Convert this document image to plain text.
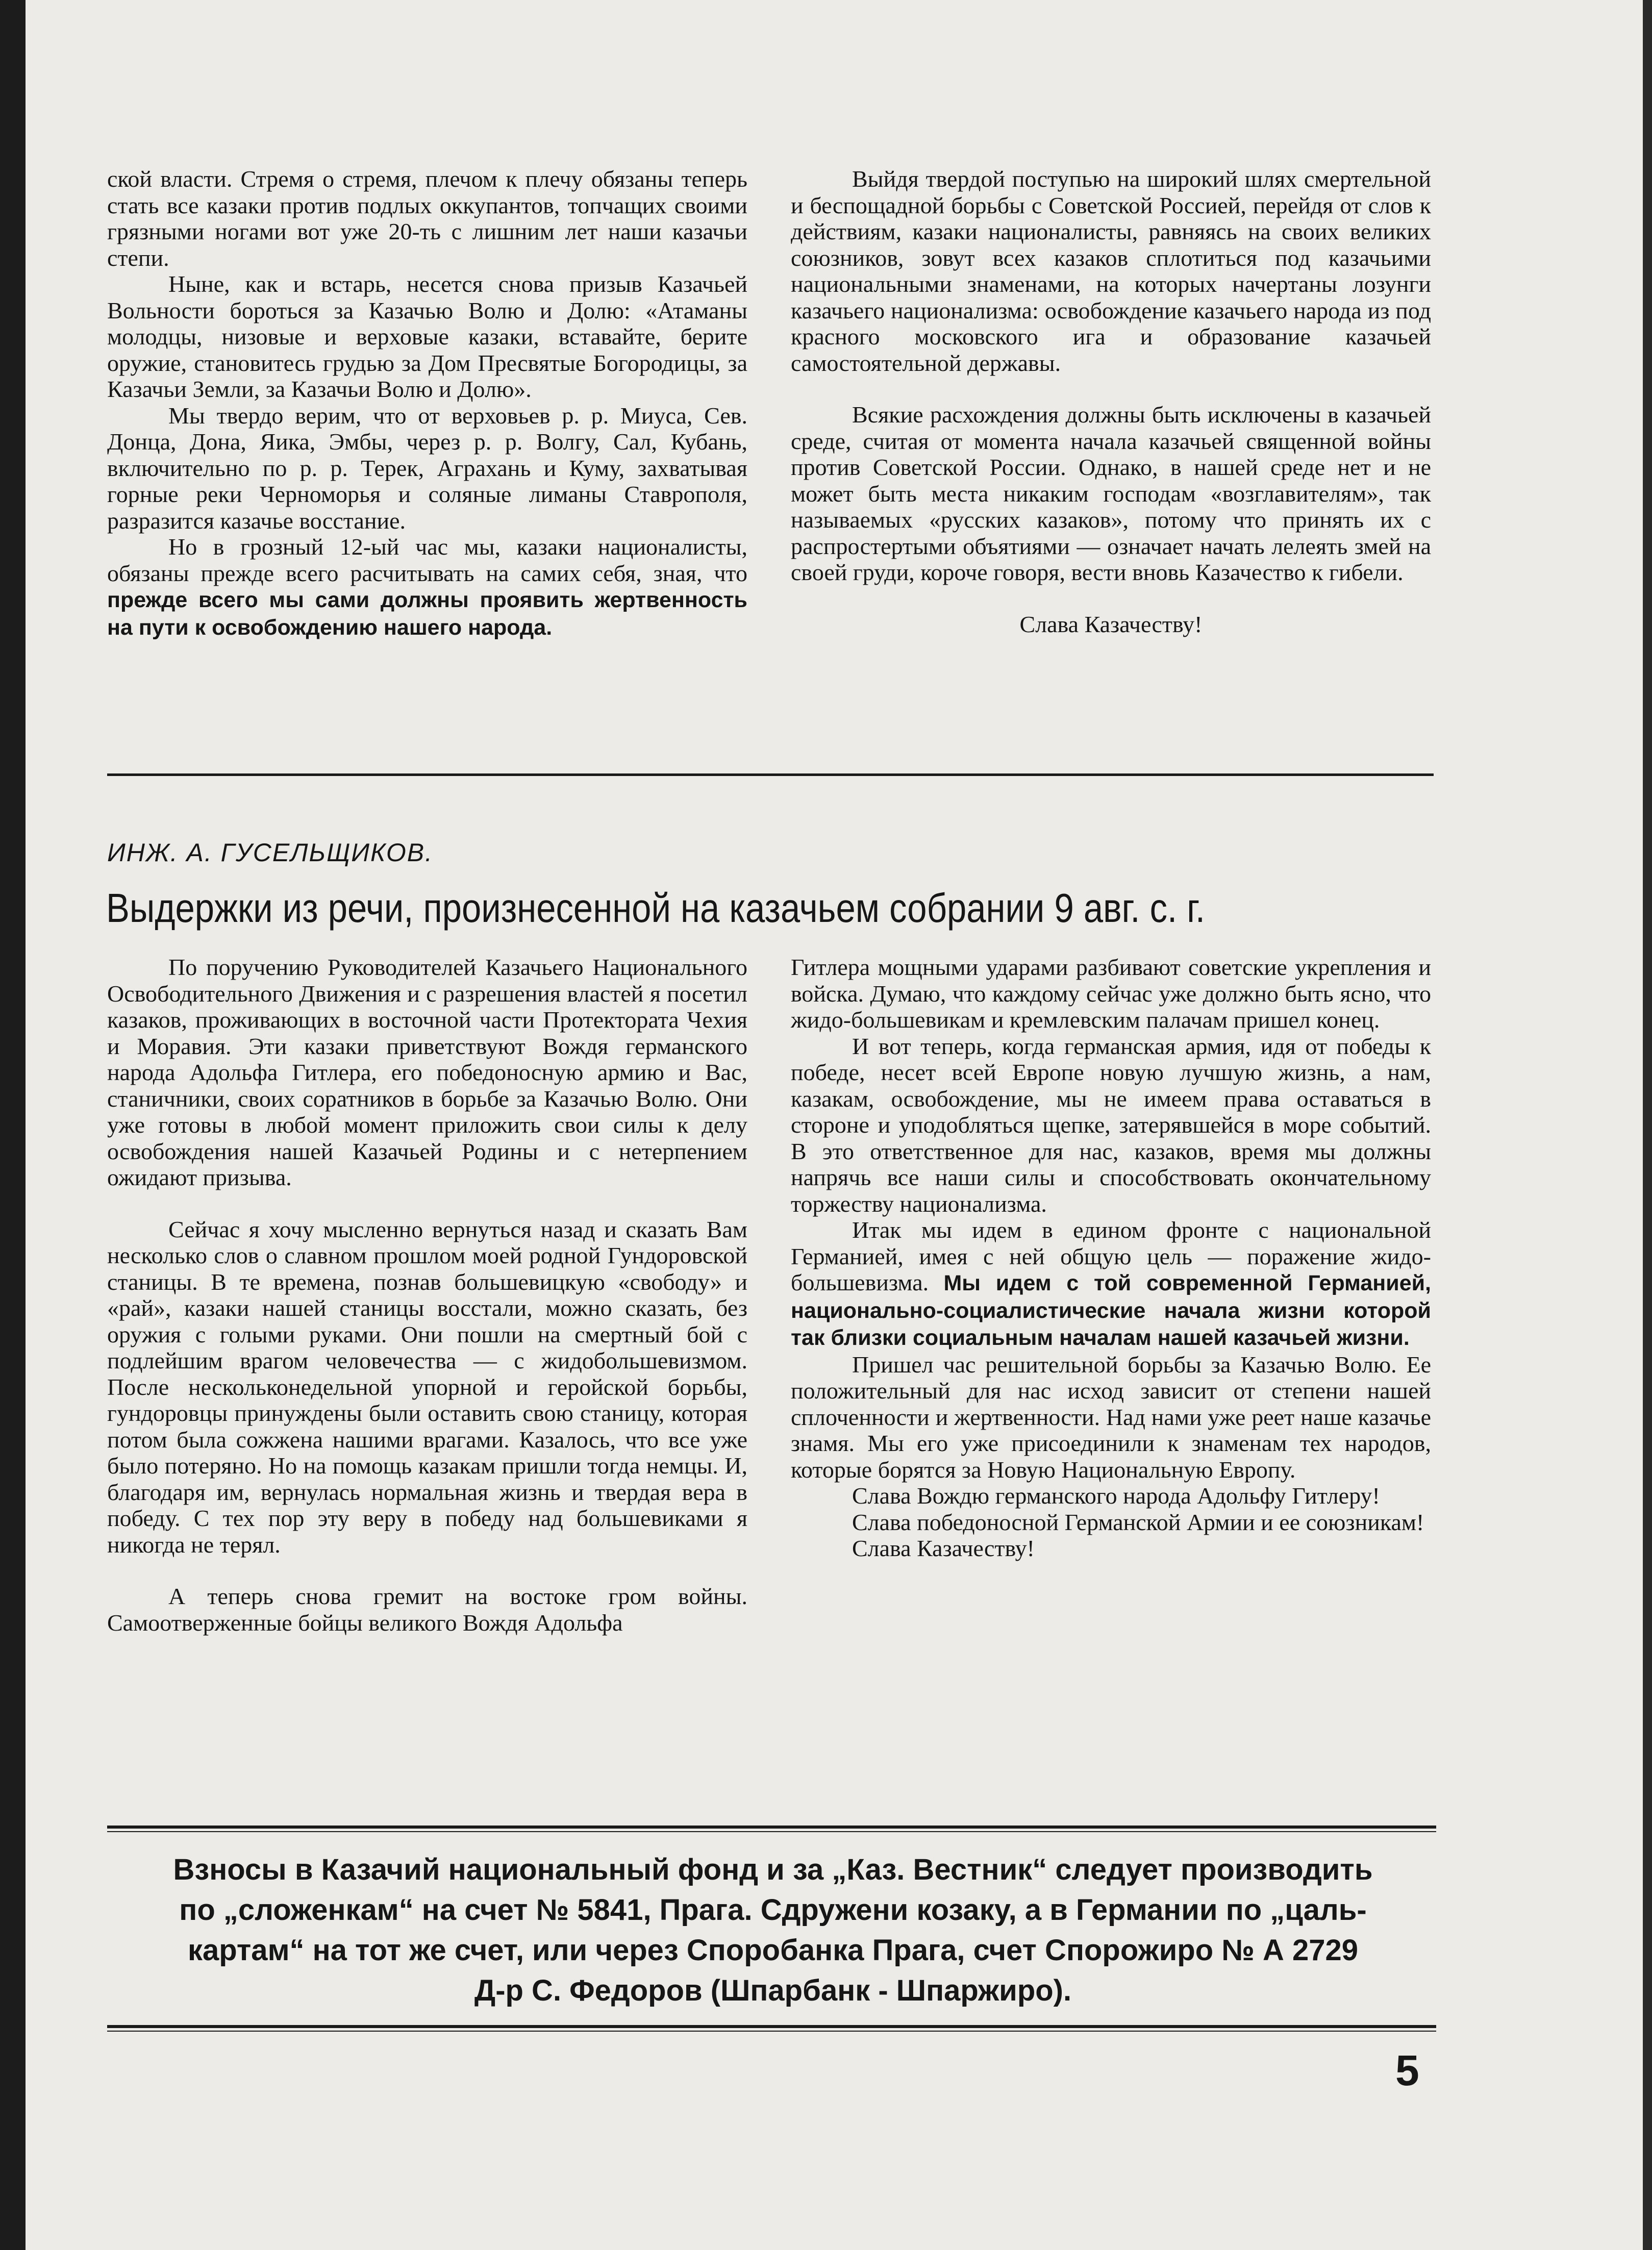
ской власти. Стремя о стремя, плечом к плечу обязаны теперь стать все казаки против подлых оккупантов, топчащих своими грязными ногами вот уже 20-ть с лишним лет наши казачьи степи.

Ныне, как и встарь, несется снова призыв Казачьей Вольности бороться за Казачью Волю и Долю: «Атаманы молодцы, низовые и верховые казаки, вставайте, берите оружие, становитесь грудью за Дом Пресвятые Богородицы, за Казачьи Земли, за Казачьи Волю и Долю».

Мы твердо верим, что от верховьев р. р. Миуса, Сев. Донца, Дона, Яика, Эмбы, через р. р. Волгу, Сал, Кубань, включительно по р. р. Терек, Аграхань и Куму, захватывая горные реки Черноморья и соляные лиманы Ставрополя, разразится казачье восстание.

Но в грозный 12-ый час мы, казаки националисты, обязаны прежде всего расчитывать на самих себя, зная, что прежде всего мы сами должны проявить жертвенность на пути к освобождению нашего народа.

Выйдя твердой поступью на широкий шлях смертельной и беспощадной борьбы с Советской Россией, перейдя от слов к действиям, казаки националисты, равняясь на своих великих союзников, зовут всех казаков сплотиться под казачьими национальными знаменами, на которых начертаны лозунги казачьего национализма: освобождение казачьего народа из под красного московского ига и образование казачьей самостоятельной державы.

Всякие расхождения должны быть исключены в казачьей среде, считая от момента начала казачьей священной войны против Советской России. Однако, в нашей среде нет и не может быть места никаким господам «возглавителям», так называемых «русских казаков», потому что принять их с распростертыми объятиями — означает начать лелеять змей на своей груди, короче говоря, вести вновь Казачество к гибели.

Слава Казачеству!

ИНЖ. А. ГУСЕЛЬЩИКОВ.
Выдержки из речи, произнесенной на казачьем собрании 9 авг. с. г.

По поручению Руководителей Казачьего Национального Освободительного Движения и с разрешения властей я посетил казаков, проживающих в восточной части Протектората Чехия и Моравия. Эти казаки приветствуют Вождя германского народа Адольфа Гитлера, его победоносную армию и Вас, станичники, своих соратников в борьбе за Казачью Волю. Они уже готовы в любой момент приложить свои силы к делу освобождения нашей Казачьей Родины и с нетерпением ожидают призыва.

Сейчас я хочу мысленно вернуться назад и сказать Вам несколько слов о славном прошлом моей родной Гундоровской станицы. В те времена, познав большевицкую «свободу» и «рай», казаки нашей станицы восстали, можно сказать, без оружия с голыми руками. Они пошли на смертный бой с подлейшим врагом человечества — с жидобольшевизмом. После нескольконедельной упорной и геройской борьбы, гундоровцы принуждены были оставить свою станицу, которая потом была сожжена нашими врагами. Казалось, что все уже было потеряно. Но на помощь казакам пришли тогда немцы. И, благодаря им, вернулась нормальная жизнь и твердая вера в победу. С тех пор эту веру в победу над большевиками я никогда не терял.

А теперь снова гремит на востоке гром войны. Самоотверженные бойцы великого Вождя Адольфа

Гитлера мощными ударами разбивают советские укрепления и войска. Думаю, что каждому сейчас уже должно быть ясно, что жидо-большевикам и кремлевским палачам пришел конец.

И вот теперь, когда германская армия, идя от победы к победе, несет всей Европе новую лучшую жизнь, а нам, казакам, освобождение, мы не имеем права оставаться в стороне и уподобляться щепке, затерявшейся в море событий. В это ответственное для нас, казаков, время мы должны напрячь все наши силы и способствовать окончательному торжеству национализма.

Итак мы идем в едином фронте с национальной Германией, имея с ней общую цель — поражение жидо-большевизма. Мы идем с той современной Германией, национально-социалистические начала жизни которой так близки социальным началам нашей казачьей жизни.

Пришел час решительной борьбы за Казачью Волю. Ее положительный для нас исход зависит от степени нашей сплоченности и жертвенности. Над нами уже реет наше казачье знамя. Мы его уже присоединили к знаменам тех народов, которые борятся за Новую Национальную Европу.

Слава Вождю германского народа Адольфу Гитлеру!

Слава победоносной Германской Армии и ее союзникам!

Слава Казачеству!

Взносы в Казачий национальный фонд и за „Каз. Вестник“ следует производить
по „сложенкам“ на счет № 5841, Прага. Сдружени козаку, а в Германии по „цаль-
картам“ на тот же счет, или через Споробанка Прага, счет Спорожиро № А 2729
Д-р С. Федоров (Шпарбанк - Шпаржиро).
5
